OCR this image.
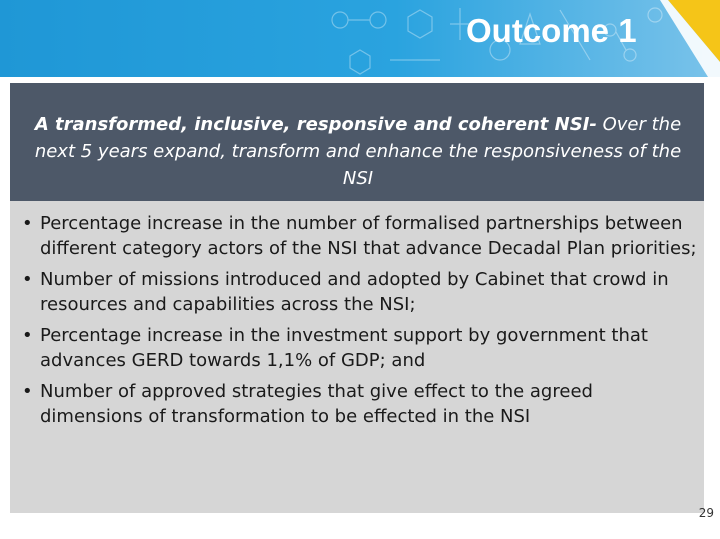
Outcome 1
A transformed, inclusive, responsive and coherent NSI- Over the next 5 years expand, transform and enhance the responsiveness of the NSI
• Percentage increase in the number of formalised partnerships between different category actors of the NSI that advance Decadal Plan priorities;
• Number of missions introduced and adopted by Cabinet that crowd in resources and capabilities across the NSI;
• Percentage increase in the investment support by government that advances GERD towards 1,1% of GDP; and
• Number of approved strategies that give effect to the agreed dimensions of transformation to be effected in the NSI
29
